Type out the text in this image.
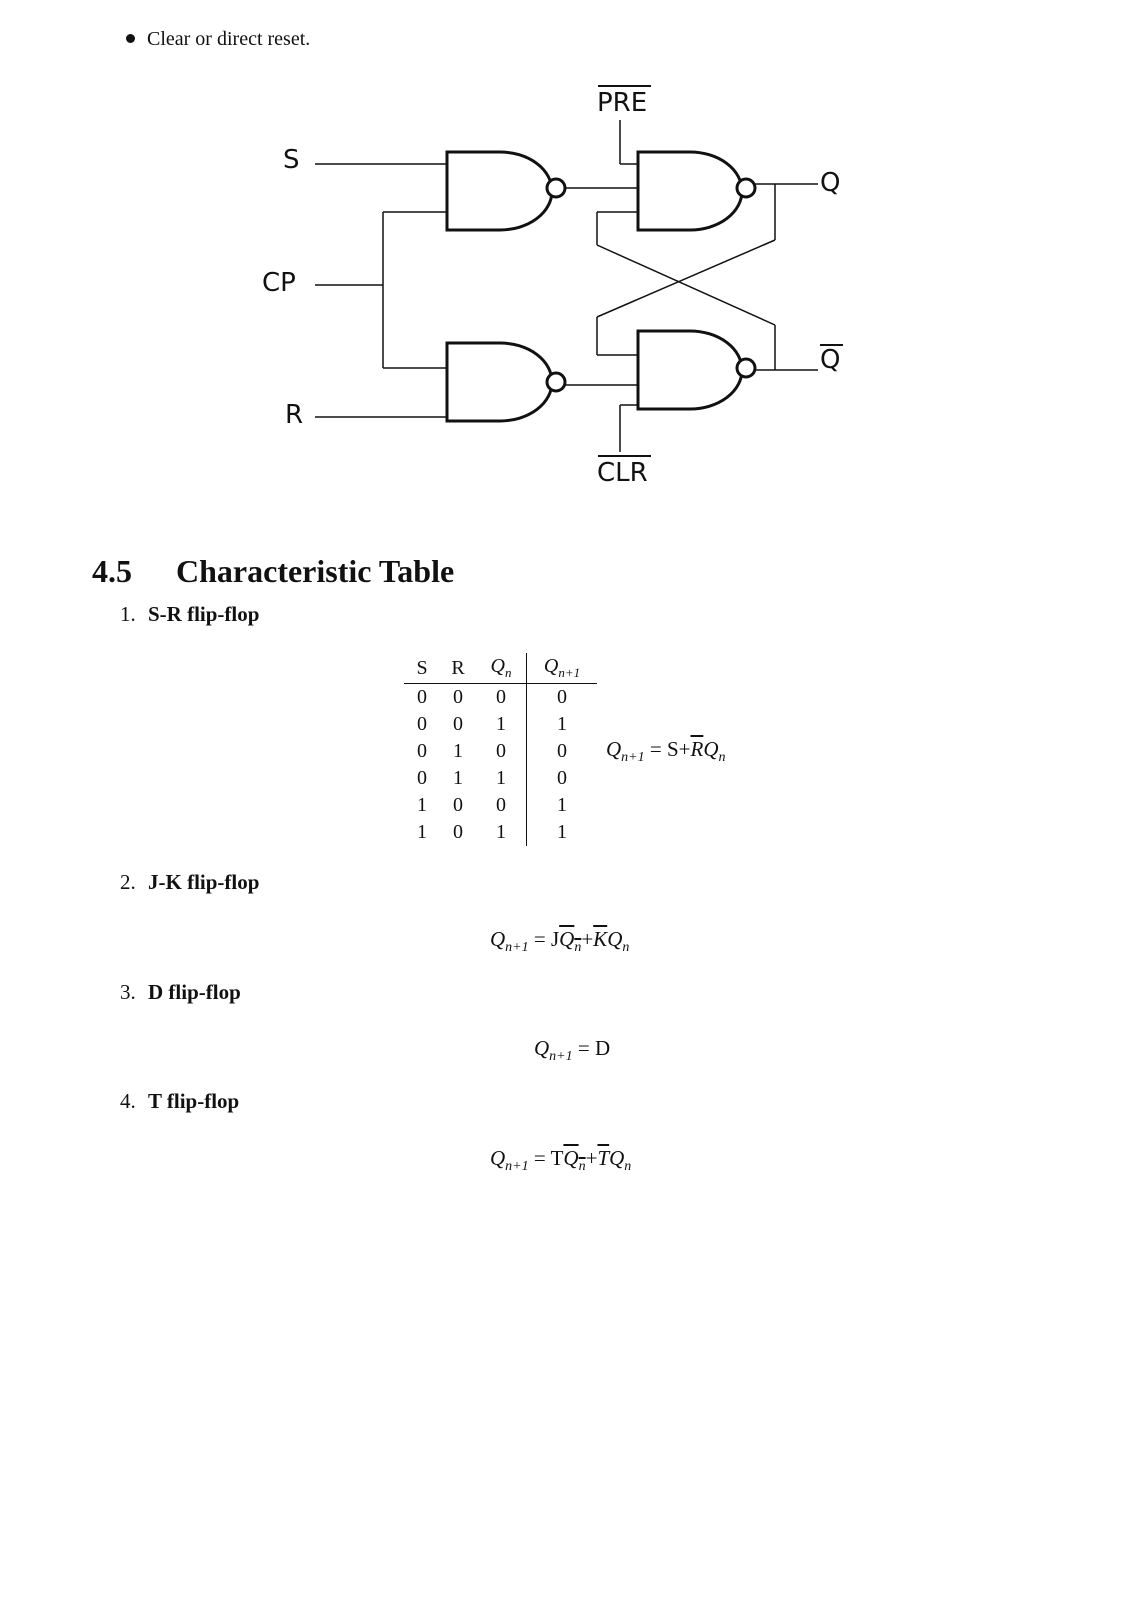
Clear or direct reset.
S
CP
R
PRE
CLR
Q
Q
4.5 Characteristic Table
1. S-R flip-flop
S	R	$Q_n$	$Q_{n+1}$
0	0	0	0
0	0	1	1
0	1	0	0
0	1	1	0
1	0	0	1
1	0	1	1
$Q_{n+1} = S+\overline{R}Q_n$
2. J-K flip-flop
$Q_{n+1} = JQ_n+\overline{K}Q_n$
3. D flip-flop
$Q_{n+1} = D$
4. T flip-flop
$Q_{n+1} = TQ_n+\overline{T}Q_n$
